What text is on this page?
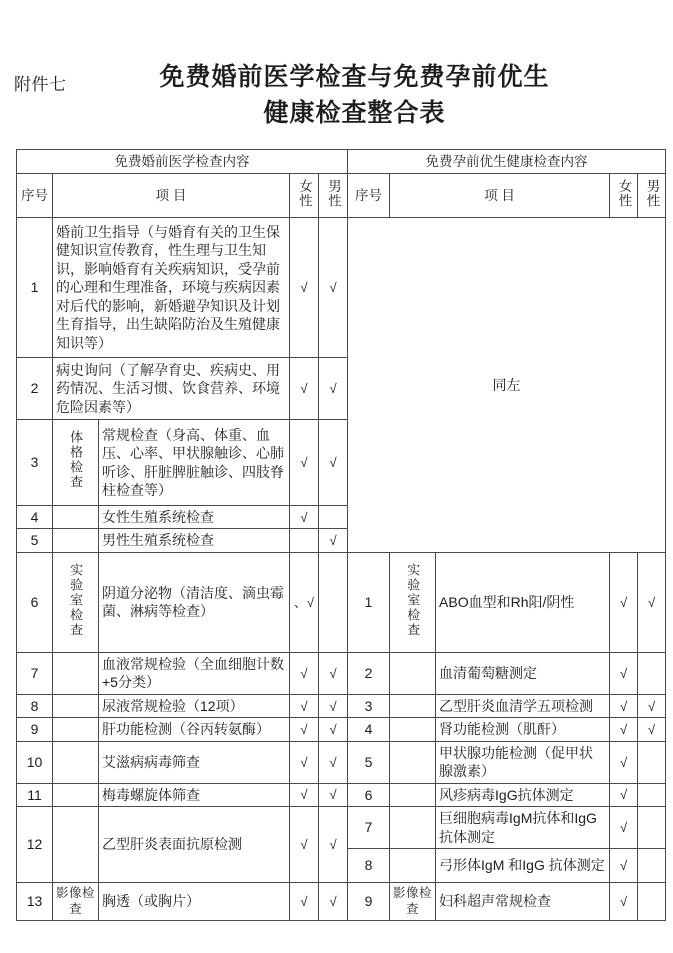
附件七	免费婚前医学检查与免费孕前优生
健康检查整合表
免费婚前医学检查内容					免费孕前优生健康检查内容				
序号	项 目		女性	男性	序号	项 目		女性	男性
1	婚前卫生指导（与婚育有关的卫生保健知识宣传教育，性生理与卫生知识，影响婚育有关疾病知识，受孕前的心理和生理准备，环境与疾病因素对后代的影响，新婚避孕知识及计划生育指导，出生缺陷防治及生殖健康知识等）		√	√	同左				
2	病史询问（了解孕育史、疾病史、用药情况、生活习惯、饮食营养、环境危险因素等）		√	√					
3	体格检查	常规检查（身高、体重、血压、心率、甲状腺触诊、心肺听诊、肝脏脾脏触诊、四肢脊柱检查等）	√	√					
4		女性生殖系统检查	√						
5		男性生殖系统检查		√					
6	实验室检查	阴道分泌物（清洁度、滴虫霉菌、淋病等检查）	、√		1	实验室检查	ABO血型和Rh阳/阴性	√	√
7		血液常规检验（全血细胞计数+5分类）	√	√	2		血清葡萄糖测定	√	
8		尿液常规检验（12项）	√	√	3		乙型肝炎血清学五项检测	√	√
9		肝功能检测（谷丙转氨酶）	√	√	4		肾功能检测（肌酐）	√	√
10		艾滋病病毒筛查	√	√	5		甲状腺功能检测（促甲状腺激素）	√	
11		梅毒螺旋体筛查	√	√	6		风疹病毒IgG抗体测定	√	
12		乙型肝炎表面抗原检测	√	√	7		巨细胞病毒IgM抗体和IgG抗体测定	√	
					8		弓形体IgM 和IgG 抗体测定	√	
13	影像检查	胸透（或胸片）	√	√	9	影像检查	妇科超声常规检查	√	
